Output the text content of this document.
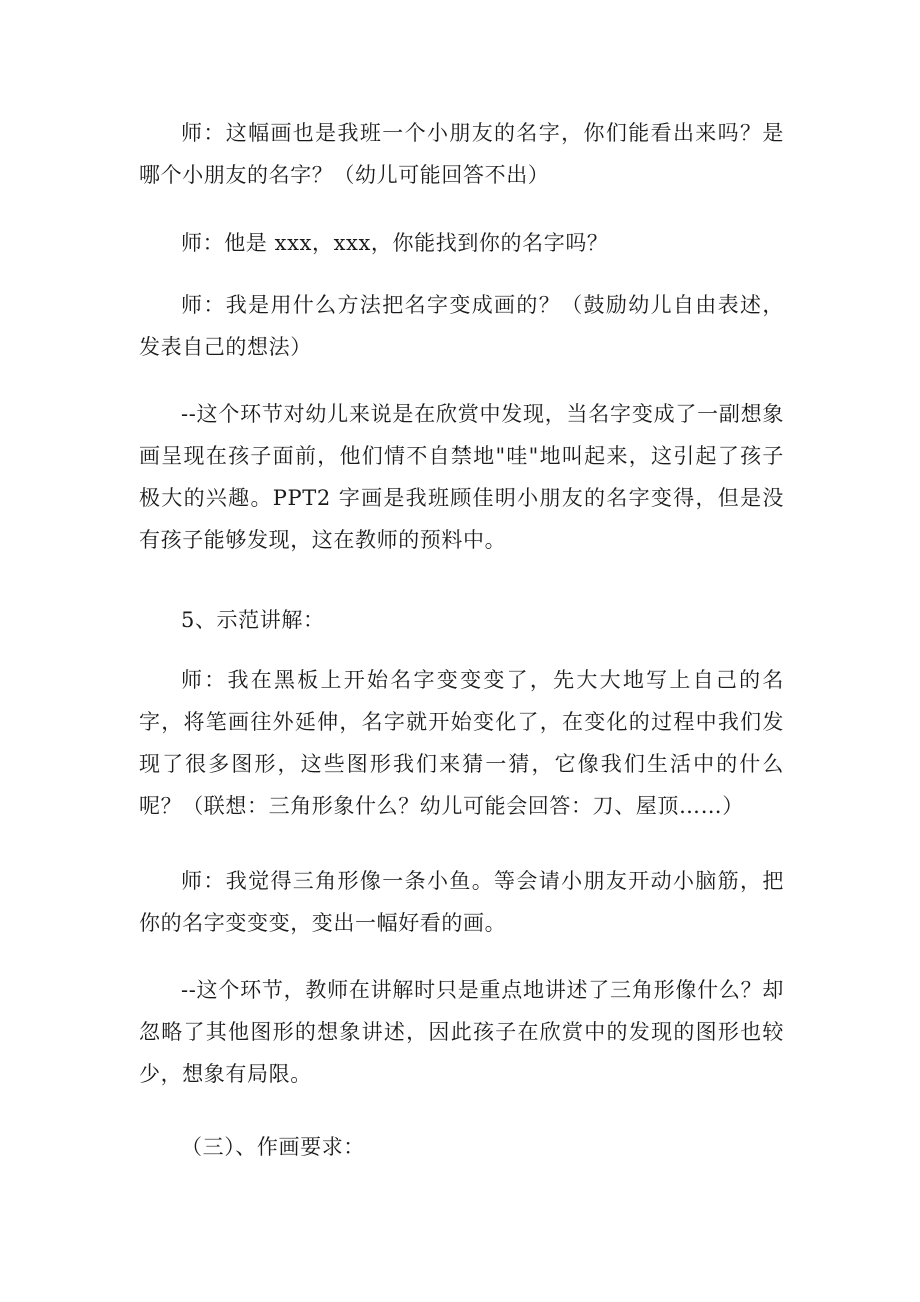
师：这幅画也是我班一个小朋友的名字，你们能看出来吗？是哪个小朋友的名字？（幼儿可能回答不出）

师：他是 xxx，xxx，你能找到你的名字吗？

师：我是用什么方法把名字变成画的？（鼓励幼儿自由表述，发表自己的想法）

--这个环节对幼儿来说是在欣赏中发现，当名字变成了一副想象画呈现在孩子面前，他们情不自禁地"哇"地叫起来，这引起了孩子极大的兴趣。PPT2 字画是我班顾佳明小朋友的名字变得，但是没有孩子能够发现，这在教师的预料中。

5、示范讲解：

师：我在黑板上开始名字变变变了，先大大地写上自己的名字，将笔画往外延伸，名字就开始变化了，在变化的过程中我们发现了很多图形，这些图形我们来猜一猜，它像我们生活中的什么呢？（联想：三角形象什么？幼儿可能会回答：刀、屋顶……）

师：我觉得三角形像一条小鱼。等会请小朋友开动小脑筋，把你的名字变变变，变出一幅好看的画。

--这个环节，教师在讲解时只是重点地讲述了三角形像什么？却忽略了其他图形的想象讲述，因此孩子在欣赏中的发现的图形也较少，想象有局限。

（三）、作画要求：
